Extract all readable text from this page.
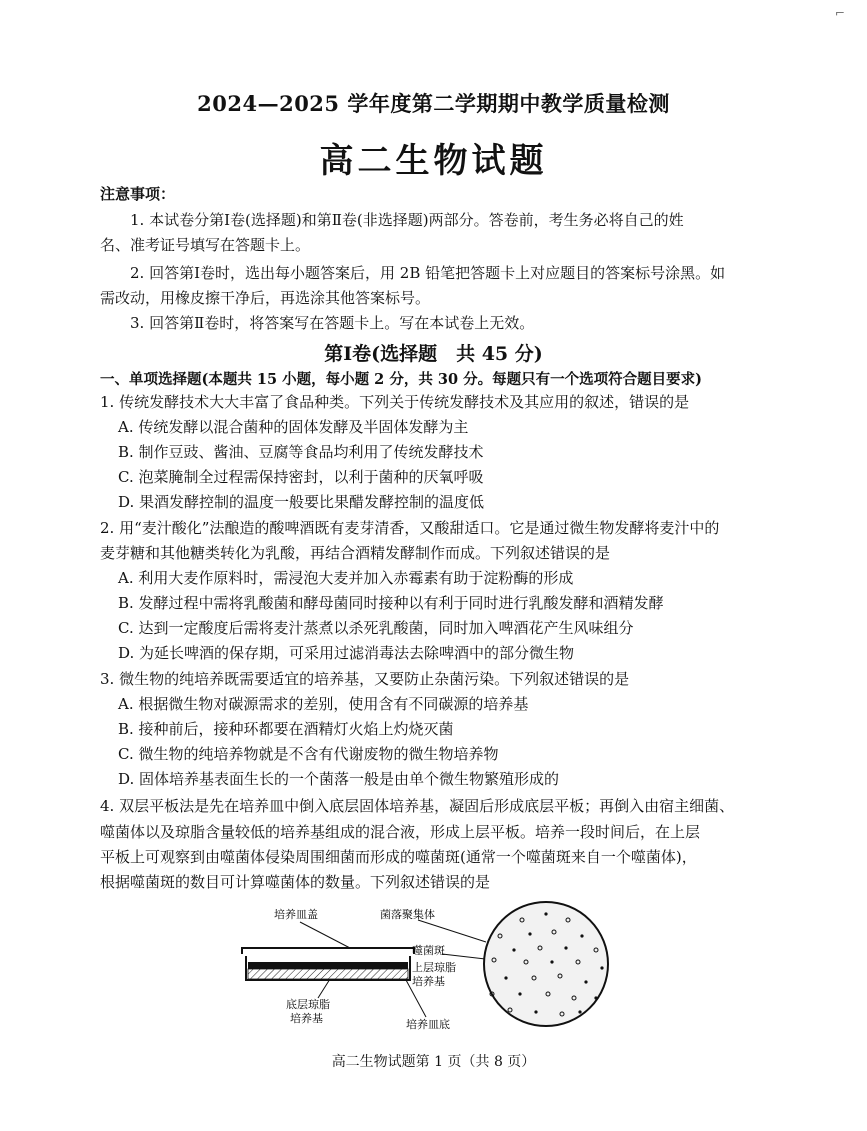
⌐
2024—2025 学年度第二学期期中教学质量检测
高二生物试题
注意事项：
1. 本试卷分第Ⅰ卷(选择题)和第Ⅱ卷(非选择题)两部分。答卷前，考生务必将自己的姓
名、准考证号填写在答题卡上。
2. 回答第Ⅰ卷时，选出每小题答案后，用 2B 铅笔把答题卡上对应题目的答案标号涂黑。如
需改动，用橡皮擦干净后，再选涂其他答案标号。
3. 回答第Ⅱ卷时，将答案写在答题卡上。写在本试卷上无效。
第Ⅰ卷(选择题　共 45 分)
一、单项选择题(本题共 15 小题，每小题 2 分，共 30 分。每题只有一个选项符合题目要求)
1. 传统发酵技术大大丰富了食品种类。下列关于传统发酵技术及其应用的叙述，错误的是
A. 传统发酵以混合菌种的固体发酵及半固体发酵为主
B. 制作豆豉、酱油、豆腐等食品均利用了传统发酵技术
C. 泡菜腌制全过程需保持密封，以利于菌种的厌氧呼吸
D. 果酒发酵控制的温度一般要比果醋发酵控制的温度低
2. 用“麦汁酸化”法酿造的酸啤酒既有麦芽清香，又酸甜适口。它是通过微生物发酵将麦汁中的
麦芽糖和其他糖类转化为乳酸，再结合酒精发酵制作而成。下列叙述错误的是
A. 利用大麦作原料时，需浸泡大麦并加入赤霉素有助于淀粉酶的形成
B. 发酵过程中需将乳酸菌和酵母菌同时接种以有利于同时进行乳酸发酵和酒精发酵
C. 达到一定酸度后需将麦汁蒸煮以杀死乳酸菌，同时加入啤酒花产生风味组分
D. 为延长啤酒的保存期，可采用过滤消毒法去除啤酒中的部分微生物
3. 微生物的纯培养既需要适宜的培养基，又要防止杂菌污染。下列叙述错误的是
A. 根据微生物对碳源需求的差别，使用含有不同碳源的培养基
B. 接种前后，接种环都要在酒精灯火焰上灼烧灭菌
C. 微生物的纯培养物就是不含有代谢废物的微生物培养物
D. 固体培养基表面生长的一个菌落一般是由单个微生物繁殖形成的
4. 双层平板法是先在培养皿中倒入底层固体培养基，凝固后形成底层平板；再倒入由宿主细菌、
噬菌体以及琼脂含量较低的培养基组成的混合液，形成上层平板。培养一段时间后，在上层
平板上可观察到由噬菌体侵染周围细菌而形成的噬菌斑(通常一个噬菌斑来自一个噬菌体)，
根据噬菌斑的数目可计算噬菌体的数量。下列叙述错误的是
培养皿盖	菌落聚集体
噬菌斑
上层琼脂
培养基
底层琼脂
培养基	培养皿底
高二生物试题第 1 页（共 8 页）
